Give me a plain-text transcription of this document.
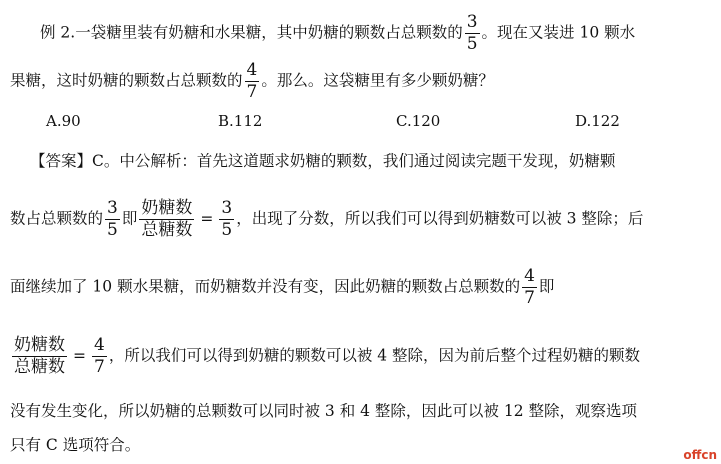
例 2.一袋糖里装有奶糖和水果糖，其中奶糖的颗数占总颗数的 $\frac{3}{5}$ 。现在又装进 10 颗水
果糖，这时奶糖的颗数占总颗数的 $\frac{4}{7}$ 。那么。这袋糖里有多少颗奶糖？
A.90	B.112	C.120	D.122
【答案】C。中公解析：首先这道题求奶糖的颗数，我们通过阅读完题干发现，奶糖颗
数占总颗数的 $\frac{3}{5}$ 即 $\frac{\text{奶糖数}}{\text{总糖数}} = \frac{3}{5}$ ，出现了分数，所以我们可以得到奶糖数可以被 3 整除；后
面继续加了 10 颗水果糖，而奶糖数并没有变，因此奶糖的颗数占总颗数的 $\frac{4}{7}$ 即
$\frac{\text{奶糖数}}{\text{总糖数}} = \frac{4}{7}$ ，所以我们可以得到奶糖的颗数可以被 4 整除，因为前后整个过程奶糖的颗数
没有发生变化，所以奶糖的总颗数可以同时被 3 和 4 整除，因此可以被 12 整除，观察选项
只有 C 选项符合。
offcn
